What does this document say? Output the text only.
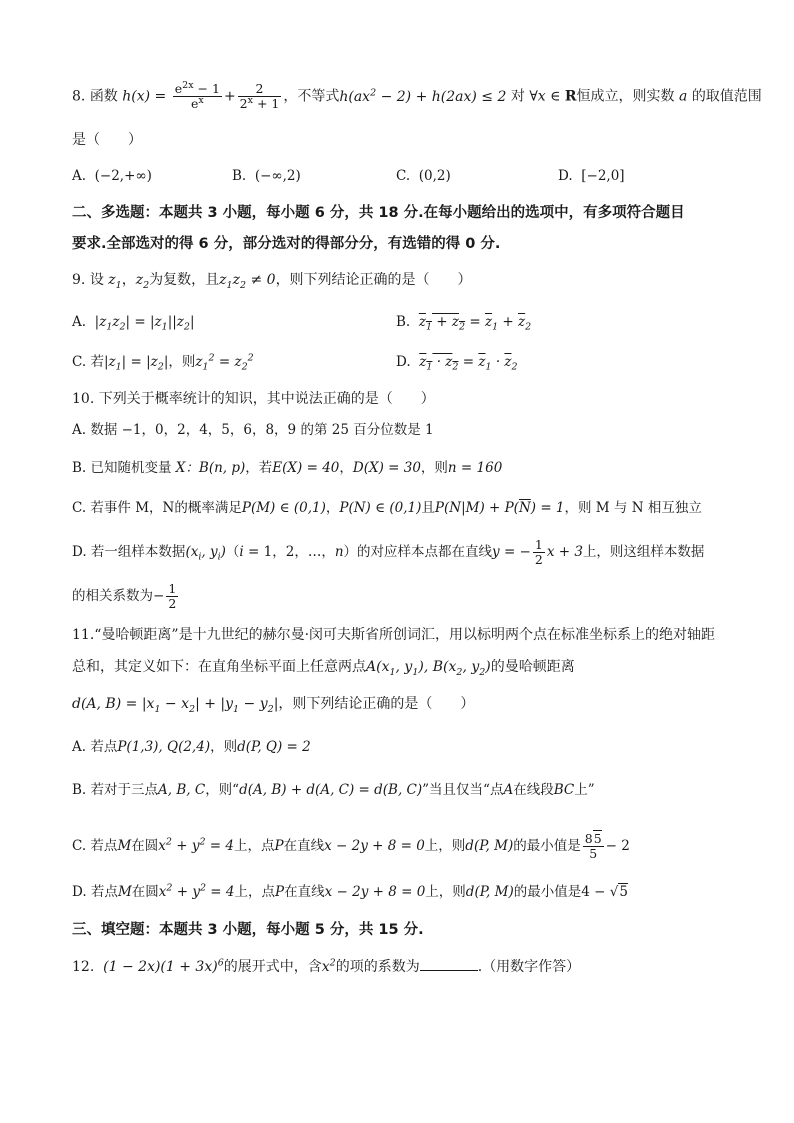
8. 函数 $h(x) = \frac{e^{2x} - 1}{e^x} + \frac{2}{2^x + 1}$ ，不等式$h(ax^2 - 2) + h(2ax) \le 2$ 对 ∀x ∈ R恒成立，则实数 a 的取值范围
是（　　）
A. (−2,+∞)	B. (−∞,2)	C. (0,2)	D. [−2,0]
二、多选题：本题共 3 小题，每小题 6 分，共 18 分.在每小题给出的选项中，有多项符合题目
要求.全部选对的得 6 分，部分选对的得部分分，有选错的得 0 分.
9. 设 $z_1$，$z_2$为复数，且$z_1z_2 \ne 0$，则下列结论正确的是（　　）
A. $|z_1z_2| = |z_1||z_2|$	B. $z_1 + z_2 = \overline{z}_1 + \overline{z}_2$
C. 若$|z_1| = |z_2|$，则$z_1^2 = z_2^2$	D. $z_1 \cdot z_2 = \overline{z}_1 \cdot \overline{z}_2$
10. 下列关于概率统计的知识，其中说法正确的是（　　）
A. 数据 −1，0，2，4，5，6，8，9 的第 25 百分位数是 1
B. 已知随机变量 X：B(n, p)，若E(X) = 40，D(X) = 30，则n = 160
C. 若事件 M，N的概率满足P(M) ∈ (0,1)，P(N) ∈ (0,1)且$P(N|M) + P(\overline{N}) = 1$，则 M 与 N 相互独立
D. 若一组样本数据($x_i$, $y_i)(i = 1$，2，…，n）的对应样本点都在直线y = − $\frac{1}{2}$ x + 3上，则这组样本数据
的相关系数为− $\frac{1}{2}$
11.“曼哈顿距离”是十九世纪的赫尔曼·闵可夫斯省所创词汇，用以标明两个点在标准坐标系上的绝对轴距
总和，其定义如下：在直角坐标平面上任意两点$A(x_1$, $y_1$), $B(x_2$, $y_2$)的曼哈顿距离
d(A, $B) = |x_1 - x_2| + |y_1 - y_2|$，则下列结论正确的是（　　）
A. 若点P(1,3), Q(2,4)，则d(P, Q) = 2
B. 若对于三点A, B, C，则“d(A, B) + d(A, C) = d(B, C)”当且仅当“点A在线段BC上”
C. 若点M在圆$x^2 + y^2 = 4$上，点P在直线x − 2y + 8 = 0上，则d(P, M)的最小值是 $\frac{85}{5} - 2$
D. 若点M在圆$x^2 + y^2 = 4$上，点P在直线x − 2y + 8 = 0上，则d(P, M)的最小值是4 − √5
三、填空题：本题共 3 小题，每小题 5 分，共 15 分.
12. $(1 - 2x)(1 + 3x)^6$的展开式中，含$x^2$的项的系数为	.（用数字作答）
